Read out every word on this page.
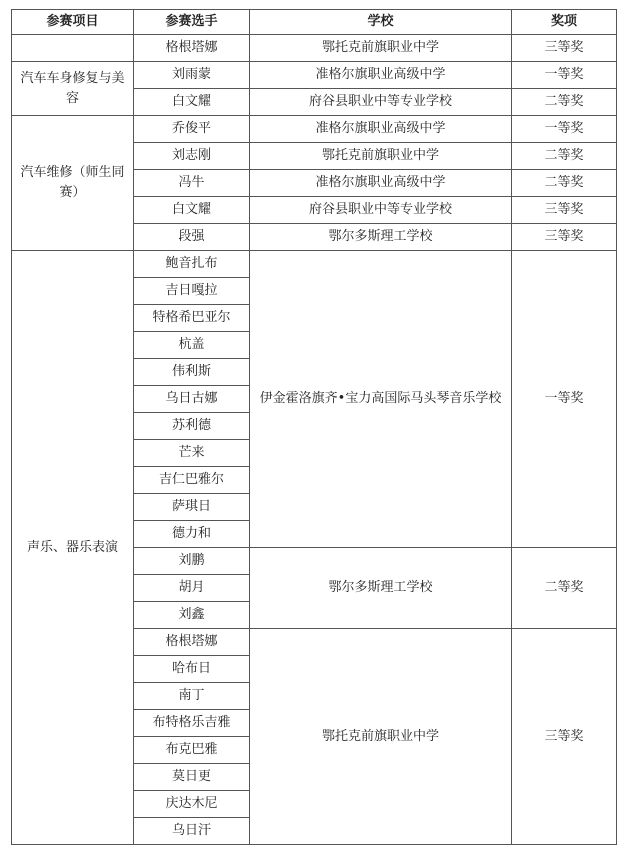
参赛项目	参赛选手	学校	奖项
	格根塔娜	鄂托克前旗职业中学	三等奖
汽车车身修复与美容	刘雨蒙	准格尔旗职业高级中学	一等奖
	白文耀	府谷县职业中等专业学校	二等奖
汽车维修（师生同赛）	乔俊平	准格尔旗职业高级中学	一等奖
	刘志刚	鄂托克前旗职业中学	二等奖
	冯牛	准格尔旗职业高级中学	二等奖
	白文耀	府谷县职业中等专业学校	三等奖
	段强	鄂尔多斯理工学校	三等奖
声乐、器乐表演	鲍音扎布	伊金霍洛旗齐•宝力高国际马头琴音乐学校	一等奖
	吉日嘎拉		
	特格希巴亚尔		
	杭盖		
	伟利斯		
	乌日古娜		
	苏利德		
	芒来		
	吉仁巴雅尔		
	萨琪日		
	德力和		
	刘鹏	鄂尔多斯理工学校	二等奖
	胡月		
	刘鑫		
	格根塔娜	鄂托克前旗职业中学	三等奖
	哈布日		
	南丁		
	布特格乐吉雅		
	布克巴雅		
	莫日更		
	庆达木尼		
	乌日汗		
